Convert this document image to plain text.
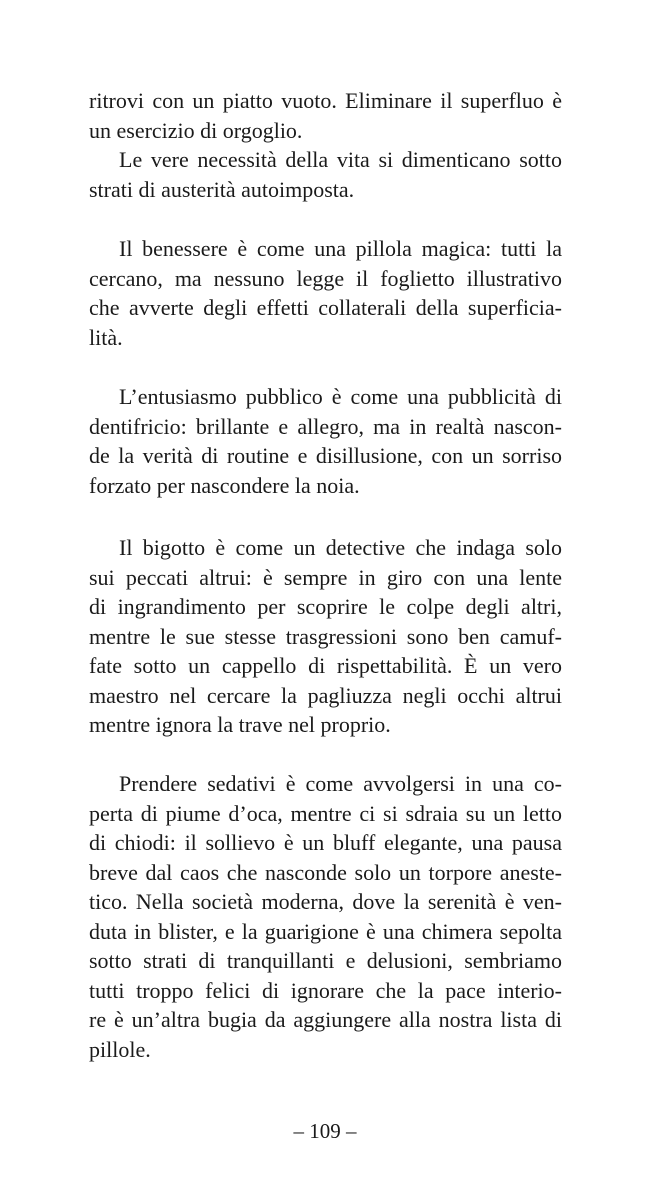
ritrovi con un piatto vuoto. Eliminare il superfluo è
un esercizio di orgoglio.
Le vere necessità della vita si dimenticano sotto
strati di austerità autoimposta.
Il benessere è come una pillola magica: tutti la
cercano, ma nessuno legge il foglietto illustrativo
che avverte degli effetti collaterali della superficia-
lità.
L’entusiasmo pubblico è come una pubblicità di
dentifricio: brillante e allegro, ma in realtà nascon-
de la verità di routine e disillusione, con un sorriso
forzato per nascondere la noia.
Il bigotto è come un detective che indaga solo
sui peccati altrui: è sempre in giro con una lente
di ingrandimento per scoprire le colpe degli altri,
mentre le sue stesse trasgressioni sono ben camuf-
fate sotto un cappello di rispettabilità. È un vero
maestro nel cercare la pagliuzza negli occhi altrui
mentre ignora la trave nel proprio.
Prendere sedativi è come avvolgersi in una co-
perta di piume d’oca, mentre ci si sdraia su un letto
di chiodi: il sollievo è un bluff elegante, una pausa
breve dal caos che nasconde solo un torpore aneste-
tico. Nella società moderna, dove la serenità è ven-
duta in blister, e la guarigione è una chimera sepolta
sotto strati di tranquillanti e delusioni, sembriamo
tutti troppo felici di ignorare che la pace interio-
re è un’altra bugia da aggiungere alla nostra lista di
pillole.
– 109 –
